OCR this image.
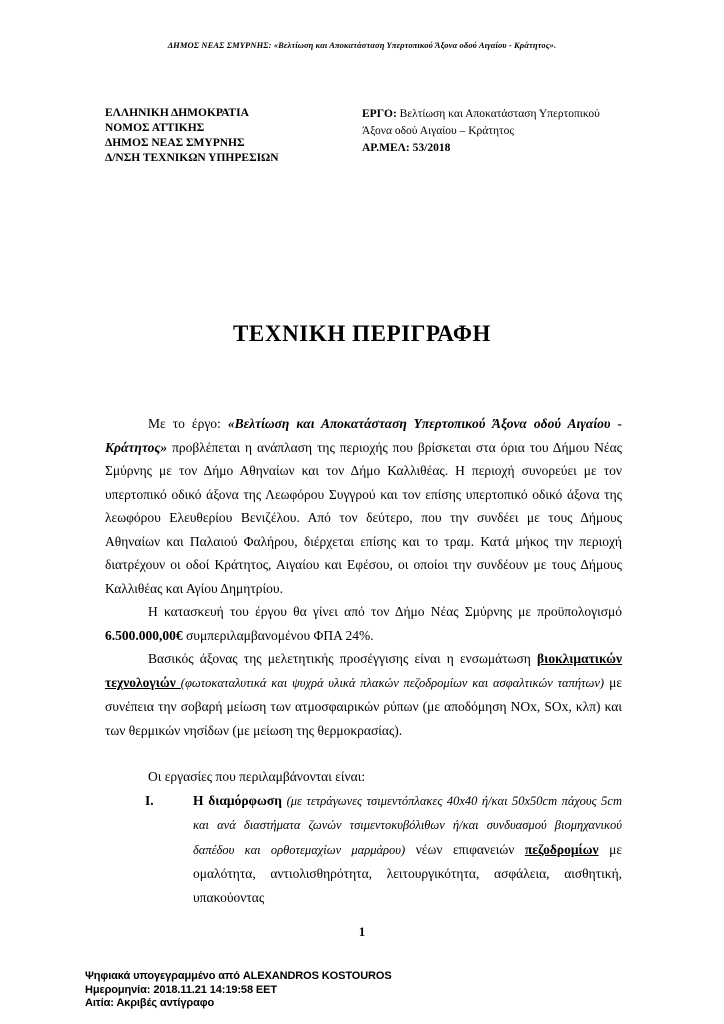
ΔΗΜΟΣ ΝΕΑΣ ΣΜΥΡΝΗΣ: «Βελτίωση και Αποκατάσταση Υπερτοπικού Άξονα οδού Αιγαίου - Κράτητος».
ΕΛΛΗΝΙΚΗ ΔΗΜΟΚΡΑΤΙΑ
ΝΟΜΟΣ ΑΤΤΙΚΗΣ
ΔΗΜΟΣ ΝΕΑΣ ΣΜΥΡΝΗΣ
Δ/ΝΣΗ ΤΕΧΝΙΚΩΝ ΥΠΗΡΕΣΙΩΝ
ΕΡΓΟ: Βελτίωση και Αποκατάσταση Υπερτοπικού Άξονα οδού Αιγαίου – Κράτητος
ΑΡ.ΜΕΛ: 53/2018
ΤΕΧΝΙΚΗ ΠΕΡΙΓΡΑΦΗ

Με το έργο: «Βελτίωση και Αποκατάσταση Υπερτοπικού Άξονα οδού Αιγαίου - Κράτητος» προβλέπεται η ανάπλαση της περιοχής που βρίσκεται στα όρια του Δήμου Νέας Σμύρνης με τον Δήμο Αθηναίων και τον Δήμο Καλλιθέας. Η περιοχή συνορεύει με τον υπερτοπικό οδικό άξονα της Λεωφόρου Συγγρού και τον επίσης υπερτοπικό οδικό άξονα της λεωφόρου Ελευθερίου Βενιζέλου. Από τον δεύτερο, που την συνδέει με τους Δήμους Αθηναίων και Παλαιού Φαλήρου, διέρχεται επίσης και το τραμ. Κατά μήκος την περιοχή διατρέχουν οι οδοί Κράτητος, Αιγαίου και Εφέσου, οι οποίοι την συνδέουν με τους Δήμους Καλλιθέας και Αγίου Δημητρίου.

Η κατασκευή του έργου θα γίνει από τον Δήμο Νέας Σμύρνης με προϋπολογισμό 6.500.000,00€ συμπεριλαμβανομένου ΦΠΑ 24%.

Βασικός άξονας της μελετητικής προσέγγισης είναι η ενσωμάτωση βιοκλιματικών τεχνολογιών (φωτοκαταλυτικά και ψυχρά υλικά πλακών πεζοδρομίων και ασφαλτικών ταπήτων) με συνέπεια την σοβαρή μείωση των ατμοσφαιρικών ρύπων (με αποδόμηση NOx, SOx, κλπ) και των θερμικών νησίδων (με μείωση της θερμοκρασίας).

Οι εργασίες που περιλαμβάνονται είναι:

I.	Η διαμόρφωση (με τετράγωνες τσιμεντόπλακες 40x40 ή/και 50x50cm πάχους 5cm και ανά διαστήματα ζωνών τσιμεντοκυβόλιθων ή/και συνδυασμού βιομηχανικού δαπέδου και ορθοτεμαχίων μαρμάρου) νέων επιφανειών πεζοδρομίων με ομαλότητα, αντιολισθηρότητα, λειτουργικότητα, ασφάλεια, αισθητική, υπακούοντας
1
Ψηφιακά υπογεγραμμένο από ALEXANDROS KOSTOUROS
Ημερομηνία: 2018.11.21 14:19:58 EET
Αιτία: Ακριβές αντίγραφο
